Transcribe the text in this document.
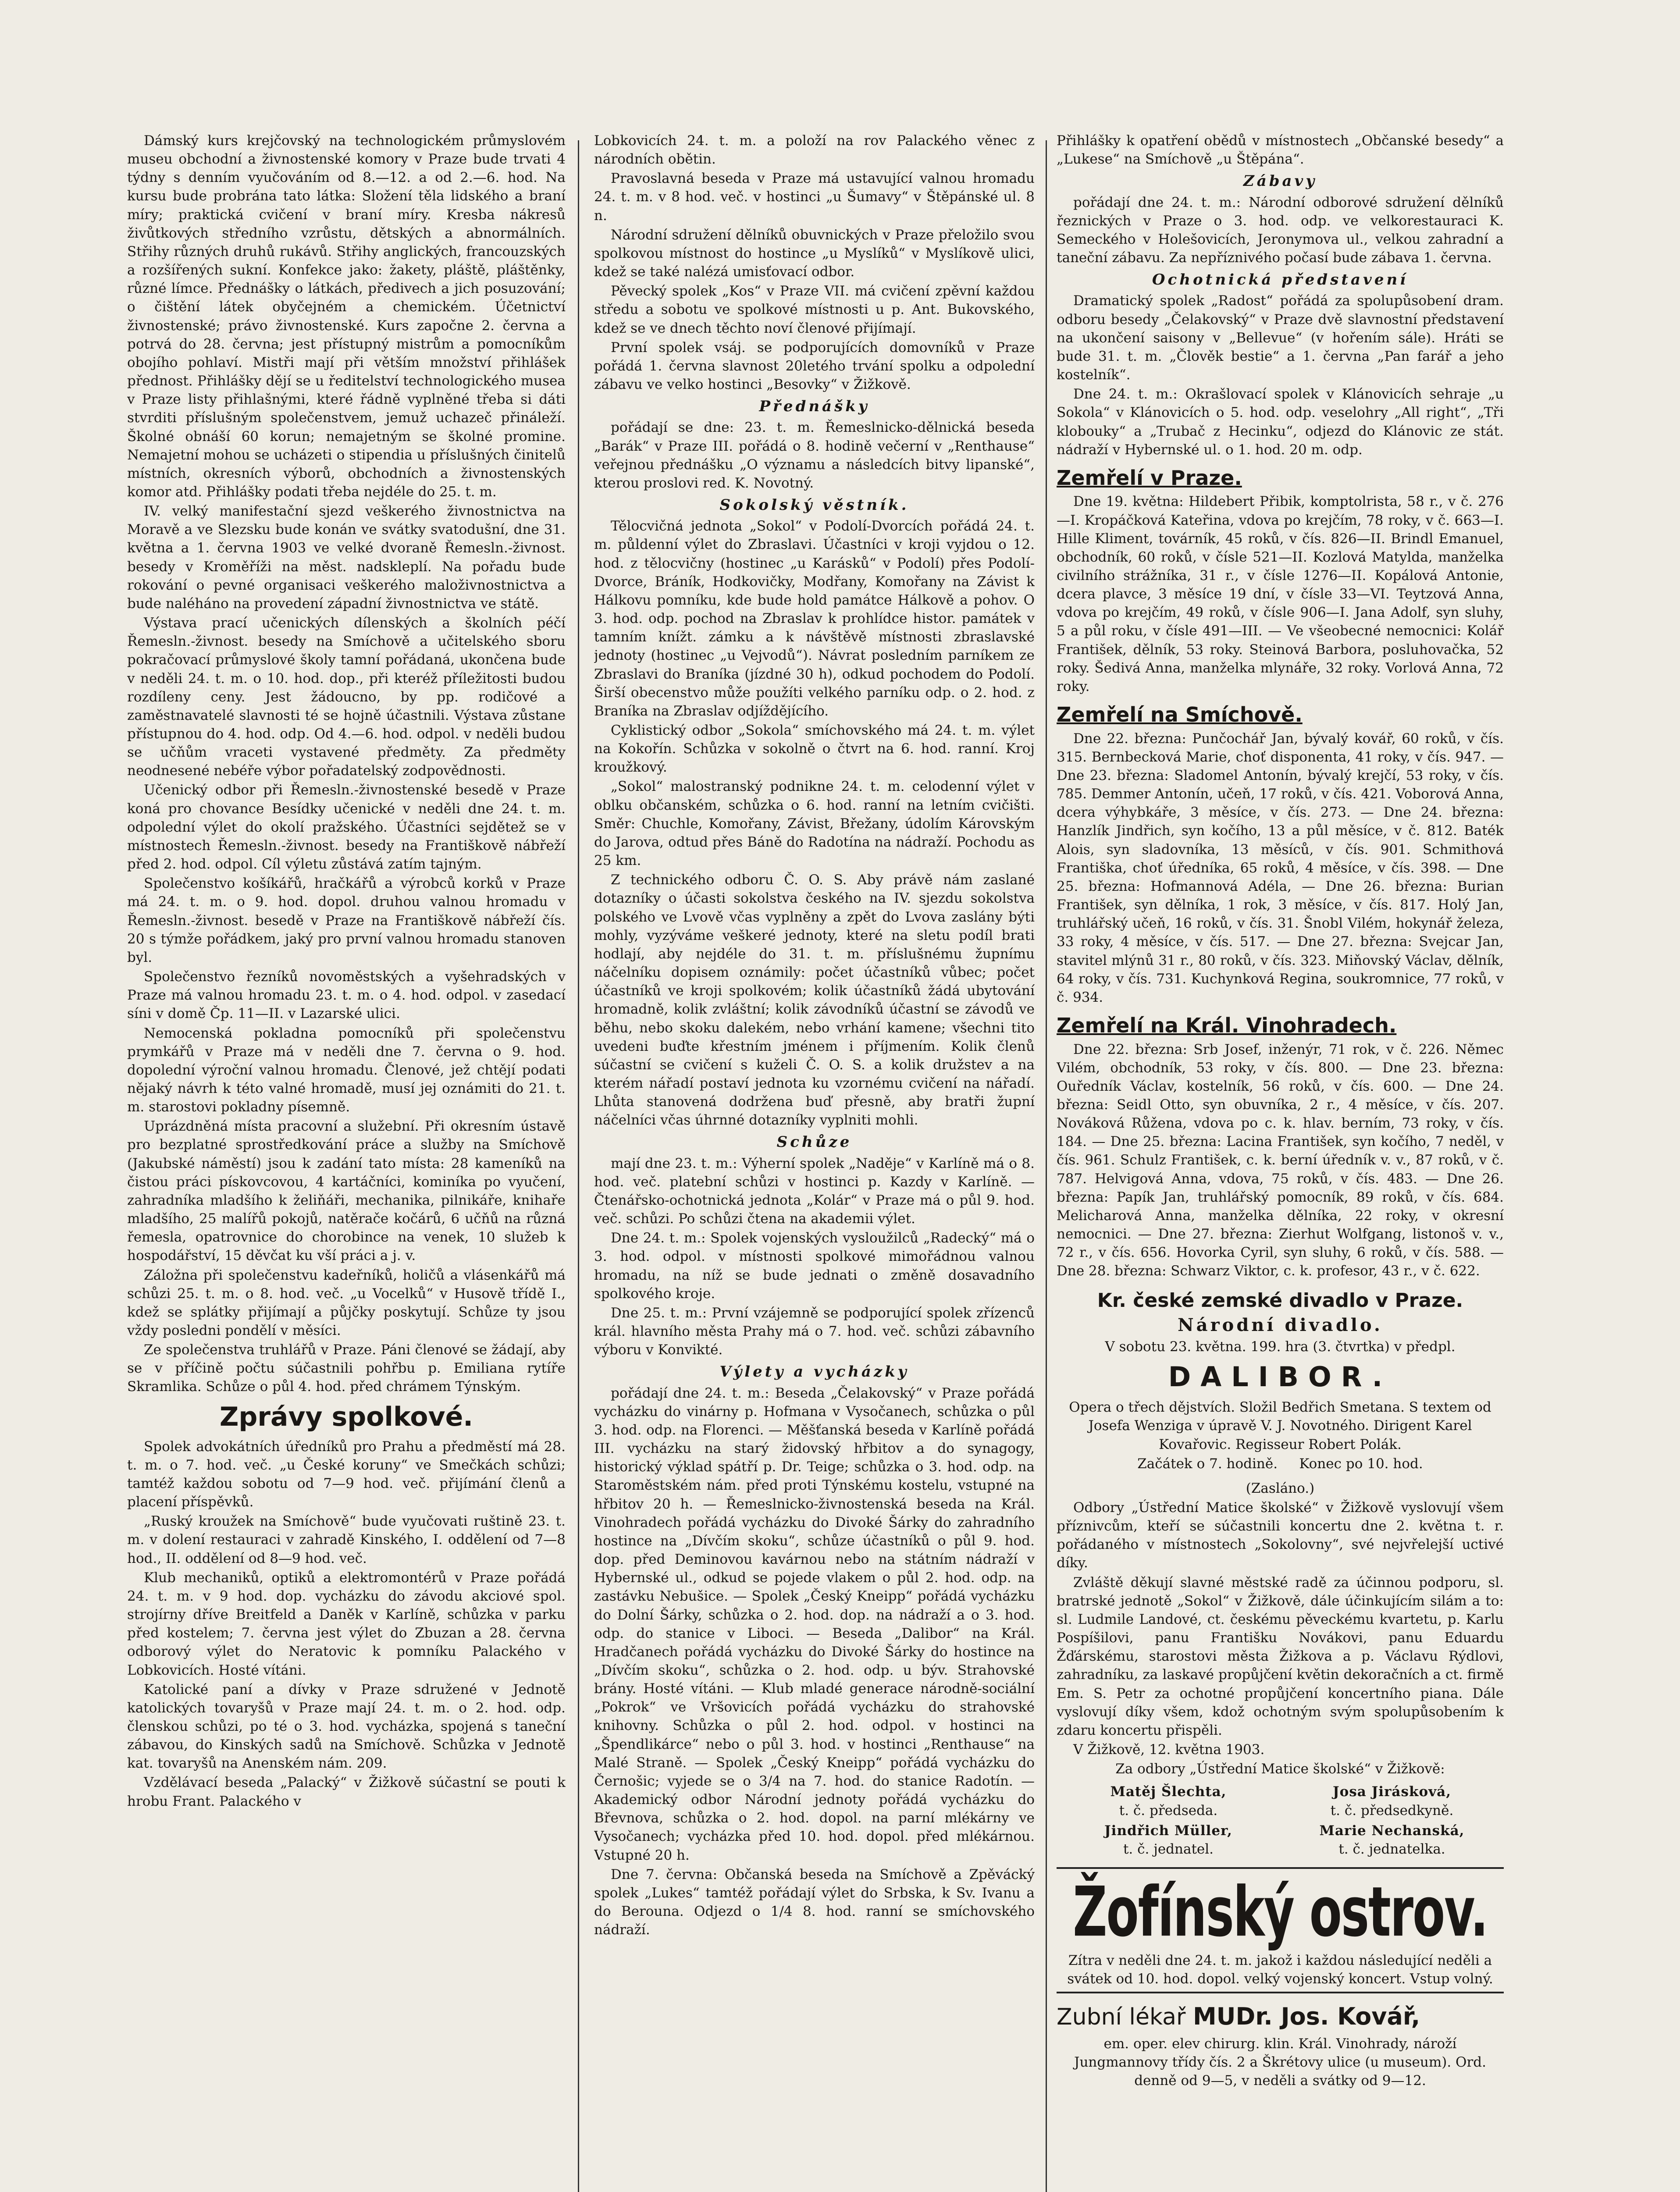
Dámský kurs krejčovský na technologickém průmyslovém museu obchodní a živnostenské komory v Praze bude trvati 4 týdny s denním vyučováním od 8.—12. a od 2.—6. hod. Na kursu bude probrána tato látka: Složení těla lidského a braní míry; praktická cvičení v braní míry. Kresba nákresů živůtkových středního vzrůstu, dětských a abnormálních. Střihy různých druhů rukávů. Střihy anglických, francouzských a rozšířených sukní. Konfekce jako: žakety, pláště, pláštěnky, různé límce. Přednášky o látkách, předivech a jich posuzování; o čištění látek obyčejném a chemickém. Účetnictví živnostenské; právo živnostenské. Kurs započne 2. června a potrvá do 28. června; jest přístupný mistrům a pomocníkům obojího pohlaví. Mistři mají při větším množství přihlášek přednost. Přihlášky dějí se u ředitelství technologického musea v Praze listy přihlašnými, které řádně vyplněné třeba si dáti stvrditi příslušným společenstvem, jemuž uchazeč přináleží. Školné obnáší 60 korun; nemajetným se školné promine. Nemajetní mohou se ucházeti o stipendia u příslušných činitelů místních, okresních výborů, obchodních a živnostenských komor atd. Přihlášky podati třeba nejdéle do 25. t. m.

IV. velký manifestační sjezd veškerého živnostnictva na Moravě a ve Slezsku bude konán ve svátky svatodušní, dne 31. května a 1. června 1903 ve velké dvoraně Řemesln.-živnost. besedy v Kroměříži na měst. nadskleplí. Na pořadu bude rokování o pevné organisaci veškerého maloživnostnictva a bude naléháno na provedení západní živnostnictva ve státě.

Výstava prací učenických dílenských a školních péčí Řemesln.-živnost. besedy na Smíchově a učitelského sboru pokračovací průmyslové školy tamní pořádaná, ukončena bude v neděli 24. t. m. o 10. hod. dop., při kteréž příležitosti budou rozdíleny ceny. Jest žádoucno, by pp. rodičové a zaměstnavatelé slavnosti té se hojně účastnili. Výstava zůstane přístupnou do 4. hod. odp. Od 4.—6. hod. odpol. v neděli budou se učňům vraceti vystavené předměty. Za předměty neodnesené nebéře výbor pořadatelský zodpovědnosti.

Učenický odbor při Řemesln.-živnostenské besedě v Praze koná pro chovance Besídky učenické v neděli dne 24. t. m. odpolední výlet do okolí pražského. Účastníci sejdětež se v místnostech Řemesln.-živnost. besedy na Františkově nábřeží před 2. hod. odpol. Cíl výletu zůstává zatím tajným.

Společenstvo košíkářů, hračkářů a výrobců korků v Praze má 24. t. m. o 9. hod. dopol. druhou valnou hromadu v Řemesln.-živnost. besedě v Praze na Františkově nábřeží čís. 20 s týmže pořádkem, jaký pro první valnou hromadu stanoven byl.

Společenstvo řezníků novoměstských a vyšehradských v Praze má valnou hromadu 23. t. m. o 4. hod. odpol. v zasedací síni v domě Čp. 11—II. v Lazarské ulici.

Nemocenská pokladna pomocníků při společenstvu prymkářů v Praze má v neděli dne 7. června o 9. hod. dopolední výroční valnou hromadu. Členové, jež chtějí podati nějaký návrh k této valné hromadě, musí jej oznámiti do 21. t. m. starostovi pokladny písemně.

Uprázdněná místa pracovní a služební. Při okresním ústavě pro bezplatné sprostředkování práce a služby na Smíchově (Jakubské náměstí) jsou k zadání tato místa: 28 kameníků na čistou práci pískovcovou, 4 kartáčníci, kominíka po vyučení, zahradníka mladšího k želiňáři, mechanika, pilnikáře, knihaře mladšího, 25 malířů pokojů, natěrače kočárů, 6 učňů na různá řemesla, opatrovnice do chorobince na venek, 10 služeb k hospodářství, 15 děvčat ku vší práci a j. v.

Záložna při společenstvu kadeřníků, holičů a vlásenkářů má schůzi 25. t. m. o 8. hod. več. „u Vocelků“ v Husově třídě I., kdež se splátky přijímají a půjčky poskytují. Schůze ty jsou vždy posledni pondělí v měsíci.

Ze společenstva truhlářů v Praze. Páni členové se žádají, aby se v příčině počtu súčastnili pohřbu p. Emiliana rytíře Skramlika. Schůze o půl 4. hod. před chrámem Týnským.

Zprávy spolkové.

Spolek advokátních úředníků pro Prahu a předměstí má 28. t. m. o 7. hod. več. „u České koruny“ ve Smečkách schůzi; tamtéž každou sobotu od 7—9 hod. več. přijímání členů a placení příspěvků.

„Ruský kroužek na Smíchově“ bude vyučovati ruštině 23. t. m. v dolení restauraci v zahradě Kinského, I. oddělení od 7—8 hod., II. oddělení od 8—9 hod. več.

Klub mechaniků, optiků a elektromontérů v Praze pořádá 24. t. m. v 9 hod. dop. vycházku do závodu akciové spol. strojírny dříve Breitfeld a Daněk v Karlíně, schůzka v parku před kostelem; 7. června jest výlet do Zbuzan a 28. června odborový výlet do Neratovic k pomníku Palackého v Lobkovicích. Hosté vítáni.

Katolické paní a dívky v Praze sdružené v Jednotě katolických tovaryšů v Praze mají 24. t. m. o 2. hod. odp. členskou schůzi, po té o 3. hod. vycházka, spojená s taneční zábavou, do Kinských sadů na Smíchově. Schůzka v Jednotě kat. tovaryšů na Anenském nám. 209.

Vzdělávací beseda „Palacký“ v Žižkově súčastní se pouti k hrobu Frant. Palackého v

Lobkovicích 24. t. m. a položí na rov Palackého věnec z národních obětin.

Pravoslavná beseda v Praze má ustavující valnou hromadu 24. t. m. v 8 hod. več. v hostinci „u Šumavy“ v Štěpánské ul. 8 n.

Národní sdružení dělníků obuvnických v Praze přeložilo svou spolkovou místnost do hostince „u Myslíků“ v Myslíkově ulici, kdež se také nalézá umisťovací odbor.

Pěvecký spolek „Kos“ v Praze VII. má cvičení zpěvní každou středu a sobotu ve spolkové místnosti u p. Ant. Bukovského, kdež se ve dnech těchto noví členové přijímají.

První spolek vsáj. se podporujících domovníků v Praze pořádá 1. června slavnost 20letého trvání spolku a odpolední zábavu ve velko hostinci „Besovky“ v Žižkově.

Přednášky

pořádají se dne: 23. t. m. Řemeslnicko-dělnická beseda „Barák“ v Praze III. pořádá o 8. hodině večerní v „Renthause“ veřejnou přednášku „O významu a následcích bitvy lipanské“, kterou proslovi red. K. Novotný.

Sokolský věstník.

Tělocvičná jednota „Sokol“ v Podolí-Dvorcích pořádá 24. t. m. půldenní výlet do Zbraslavi. Účastníci v kroji vyjdou o 12. hod. z tělocvičny (hostinec „u Karásků“ v Podolí) přes Podolí-Dvorce, Bráník, Hodkovičky, Modřany, Komořany na Závist k Hálkovu pomníku, kde bude hold památce Hálkově a pohov. O 3. hod. odp. pochod na Zbraslav k prohlídce histor. památek v tamním knížt. zámku a k návštěvě místnosti zbraslavské jednoty (hostinec „u Vejvodů“). Návrat posledním parníkem ze Zbraslavi do Braníka (jízdné 30 h), odkud pochodem do Podolí. Širší obecenstvo může použíti velkého parníku odp. o 2. hod. z Braníka na Zbraslav odjíždějícího.

Cyklistický odbor „Sokola“ smíchovského má 24. t. m. výlet na Kokořín. Schůzka v sokolně o čtvrt na 6. hod. ranní. Kroj kroužkový.

„Sokol“ malostranský podnikne 24. t. m. celodenní výlet v oblku občanském, schůzka o 6. hod. ranní na letním cvičišti. Směr: Chuchle, Komořany, Závist, Břežany, údolím Károvským do Jarova, odtud přes Báně do Radotína na nádraží. Pochodu as 25 km.

Z technického odboru Č. O. S. Aby právě nám zaslané dotazníky o účasti sokolstva českého na IV. sjezdu sokolstva polského ve Lvově včas vyplněny a zpět do Lvova zaslány býti mohly, vyzýváme veškeré jednoty, které na sletu podíl brati hodlají, aby nejdéle do 31. t. m. příslušnému župnímu náčelníku dopisem oznámily: počet účastníků vůbec; počet účastníků ve kroji spolkovém; kolik účastníků žádá ubytování hromadně, kolik zvláštní; kolik závodníků účastní se závodů ve běhu, nebo skoku dalekém, nebo vrhání kamene; všechni tito uvedeni buďte křestním jménem i příjmením. Kolik členů súčastní se cvičení s kuželi Č. O. S. a kolik družstev a na kterém nářadí postaví jednota ku vzornému cvičení na nářadí. Lhůta stanovená dodržena buď přesně, aby bratři župní náčelníci včas úhrnné dotazníky vyplniti mohli.

Schůze

mají dne 23. t. m.: Výherní spolek „Naděje“ v Karlíně má o 8. hod. več. platební schůzi v hostinci p. Kazdy v Karlíně. — Čtenářsko-ochotnická jednota „Kolár“ v Praze má o půl 9. hod. več. schůzi. Po schůzi čtena na akademii výlet.

Dne 24. t. m.: Spolek vojenských vysloužilců „Radecký“ má o 3. hod. odpol. v místnosti spolkové mimořádnou valnou hromadu, na níž se bude jednati o změně dosavadního spolkového kroje.

Dne 25. t. m.: První vzájemně se podporující spolek zřízenců král. hlavního města Prahy má o 7. hod. več. schůzi zábavního výboru v Konvikté.

Výlety a vycházky

pořádají dne 24. t. m.: Beseda „Čelakovský“ v Praze pořádá vycházku do vinárny p. Hofmana v Vysočanech, schůzka o půl 3. hod. odp. na Florenci. — Měšťanská beseda v Karlíně pořádá III. vycházku na starý židovský hřbitov a do synagogy, historický výklad spátří p. Dr. Teige; schůzka o 3. hod. odp. na Staroměstském nám. před proti Týnskému kostelu, vstupné na hřbitov 20 h. — Řemeslnicko-živnostenská beseda na Král. Vinohradech pořádá vycházku do Divoké Šárky do zahradního hostince na „Dívčím skoku“, schůze účastníků o půl 9. hod. dop. před Deminovou kavárnou nebo na státním nádraží v Hybernské ul., odkud se pojede vlakem o půl 2. hod. odp. na zastávku Nebušice. — Spolek „Český Kneipp“ pořádá vycházku do Dolní Šárky, schůzka o 2. hod. dop. na nádraží a o 3. hod. odp. do stanice v Liboci. — Beseda „Dalibor“ na Král. Hradčanech pořádá vycházku do Divoké Šárky do hostince na „Dívčím skoku“, schůzka o 2. hod. odp. u býv. Strahovské brány. Hosté vítáni. — Klub mladé generace národně-sociální „Pokrok“ ve Vršovicích pořádá vycházku do strahovské knihovny. Schůzka o půl 2. hod. odpol. v hostinci na „Špendlikárce“ nebo o půl 3. hod. v hostinci „Renthause“ na Malé Straně. — Spolek „Český Kneipp“ pořádá vycházku do Černošic; vyjede se o 3/4 na 7. hod. do stanice Radotín. — Akademický odbor Národní jednoty pořádá vycházku do Břevnova, schůzka o 2. hod. dopol. na parní mlékárny ve Vysočanech; vycházka před 10. hod. dopol. před mlékárnou. Vstupné 20 h.

Dne 7. června: Občanská beseda na Smíchově a Zpěvácký spolek „Lukes“ tamtéž pořádají výlet do Srbska, k Sv. Ivanu a do Berouna. Odjezd o 1/4 8. hod. ranní se smíchovského nádraží.

Přihlášky k opatření obědů v místnostech „Občanské besedy“ a „Lukese“ na Smíchově „u Štěpána“.

Zábavy

pořádají dne 24. t. m.: Národní odborové sdružení dělníků řeznických v Praze o 3. hod. odp. ve velkorestauraci K. Semeckého v Holešovicích, Jeronymova ul., velkou zahradní a taneční zábavu. Za nepříznivého počasí bude zábava 1. června.

Ochotnická představení

Dramatický spolek „Radost“ pořádá za spolupůsobení dram. odboru besedy „Čelakovský“ v Praze dvě slavnostní představení na ukončení saisony v „Bellevue“ (v hořením sále). Hráti se bude 31. t. m. „Člověk bestie“ a 1. června „Pan farář a jeho kostelník“.

Dne 24. t. m.: Okrašlovací spolek v Klánovicích sehraje „u Sokola“ v Klánovicích o 5. hod. odp. veselohry „All right“, „Tři klobouky“ a „Trubač z Hecinku“, odjezd do Klánovic ze stát. nádraží v Hybernské ul. o 1. hod. 20 m. odp.

Zemřelí v Praze.

Dne 19. května: Hildebert Přibik, komptolrista, 58 r., v č. 276—I. Kropáčková Kateřina, vdova po krejčím, 78 roky, v č. 663—I. Hille Kliment, továrník, 45 roků, v čís. 826—II. Brindl Emanuel, obchodník, 60 roků, v čísle 521—II. Kozlová Matylda, manželka civilního strážníka, 31 r., v čísle 1276—II. Kopálová Antonie, dcera plavce, 3 měsíce 19 dní, v čísle 33—VI. Teytzová Anna, vdova po krejčím, 49 roků, v čísle 906—I. Jana Adolf, syn sluhy, 5 a půl roku, v čísle 491—III. — Ve všeobecné nemocnici: Kolář František, dělník, 53 roky. Steinová Barbora, posluhovačka, 52 roky. Šedivá Anna, manželka mlynáře, 32 roky. Vorlová Anna, 72 roky.

Zemřelí na Smíchově.

Dne 22. března: Punčochář Jan, bývalý kovář, 60 roků, v čís. 315. Bernbecková Marie, choť disponenta, 41 roky, v čís. 947. — Dne 23. března: Sladomel Antonín, bývalý krejčí, 53 roky, v čís. 785. Demmer Antonín, učeň, 17 roků, v čís. 421. Voborová Anna, dcera výhybkáře, 3 měsíce, v čís. 273. — Dne 24. března: Hanzlík Jindřich, syn kočího, 13 a půl měsíce, v č. 812. Baték Alois, syn sladovníka, 13 měsíců, v čís. 901. Schmithová Františka, choť úředníka, 65 roků, 4 měsíce, v čís. 398. — Dne 25. března: Hofmannová Adéla, — Dne 26. března: Burian František, syn dělníka, 1 rok, 3 měsíce, v čís. 817. Holý Jan, truhlářský učeň, 16 roků, v čís. 31. Šnobl Vilém, hokynář železa, 33 roky, 4 měsíce, v čís. 517. — Dne 27. března: Svejcar Jan, stavitel mlýnů 31 r., 80 roků, v čís. 323. Miňovský Václav, dělník, 64 roky, v čís. 731. Kuchynková Regina, soukromnice, 77 roků, v č. 934.

Zemřelí na Král. Vinohradech.

Dne 22. března: Srb Josef, inženýr, 71 rok, v č. 226. Němec Vilém, obchodník, 53 roky, v čís. 800. — Dne 23. března: Ouředník Václav, kostelník, 56 roků, v čís. 600. — Dne 24. března: Seidl Otto, syn obuvníka, 2 r., 4 měsíce, v čís. 207. Nováková Růžena, vdova po c. k. hlav. berním, 73 roky, v čís. 184. — Dne 25. března: Lacina František, syn kočího, 7 neděl, v čís. 961. Schulz František, c. k. berní úředník v. v., 87 roků, v č. 787. Helvigová Anna, vdova, 75 roků, v čís. 483. — Dne 26. března: Papík Jan, truhlářský pomocník, 89 roků, v čís. 684. Melicharová Anna, manželka dělníka, 22 roky, v okresní nemocnici. — Dne 27. března: Zierhut Wolfgang, listonoš v. v., 72 r., v čís. 656. Hovorka Cyril, syn sluhy, 6 roků, v čís. 588. — Dne 28. března: Schwarz Viktor, c. k. profesor, 43 r., v č. 622.

Kr. české zemské divadlo v Praze.
Národní divadlo.

V sobotu 23. května. 199. hra (3. čtvrtka) v předpl.

DALIBOR.

Opera o třech dějstvích. Složil Bedřich Smetana. S textem od Josefa Wenziga v úpravě V. J. Novotného. Dirigent Karel Kovařovic. Regisseur Robert Polák.

Začátek o 7. hodině.     Konec po 10. hod.

(Zasláno.)

Odbory „Ústřední Matice školské“ v Žižkově vyslovují všem příznivcům, kteří se súčastnili koncertu dne 2. května t. r. pořádaného v místnostech „Sokolovny“, své nejvřelejší uctivé díky.

Zvláště děkují slavné městské radě za účinnou podporu, sl. bratrské jednotě „Sokol“ v Žižkově, dále účinkujícím silám a to: sl. Ludmile Landové, ct. českému pěveckému kvartetu, p. Karlu Pospíšilovi, panu Františku Novákovi, panu Eduardu Žďárskému, starostovi města Žižkova a p. Václavu Rýdlovi, zahradníku, za laskavé propůjčení květin dekoračních a ct. firmě Em. S. Petr za ochotné propůjčení koncertního piana. Dále vyslovují díky všem, kdož ochotným svým spolupůsobením k zdaru koncertu přispěli.

V Žižkově, 12. května 1903.

Za odbory „Ústřední Matice školské“ v Žižkově:

Matěj Šlechta,
t. č. předseda.
Josa Jirásková,
t. č. předsedkyně.
Jindřich Müller,
t. č. jednatel.
Marie Nechanská,
t. č. jednatelka.
Žofínský ostrov.

Zítra v neděli dne 24. t. m. jakož i každou následující neděli a svátek od 10. hod. dopol. velký vojenský koncert. Vstup volný.

Zubní lékař MUDr. Jos. Kovář,

em. oper. elev chirurg. klin. Král. Vinohrady, nároží Jungmannovy třídy čís. 2 a Škrétovy ulice (u museum). Ord. denně od 9—5, v neděli a svátky od 9—12.
